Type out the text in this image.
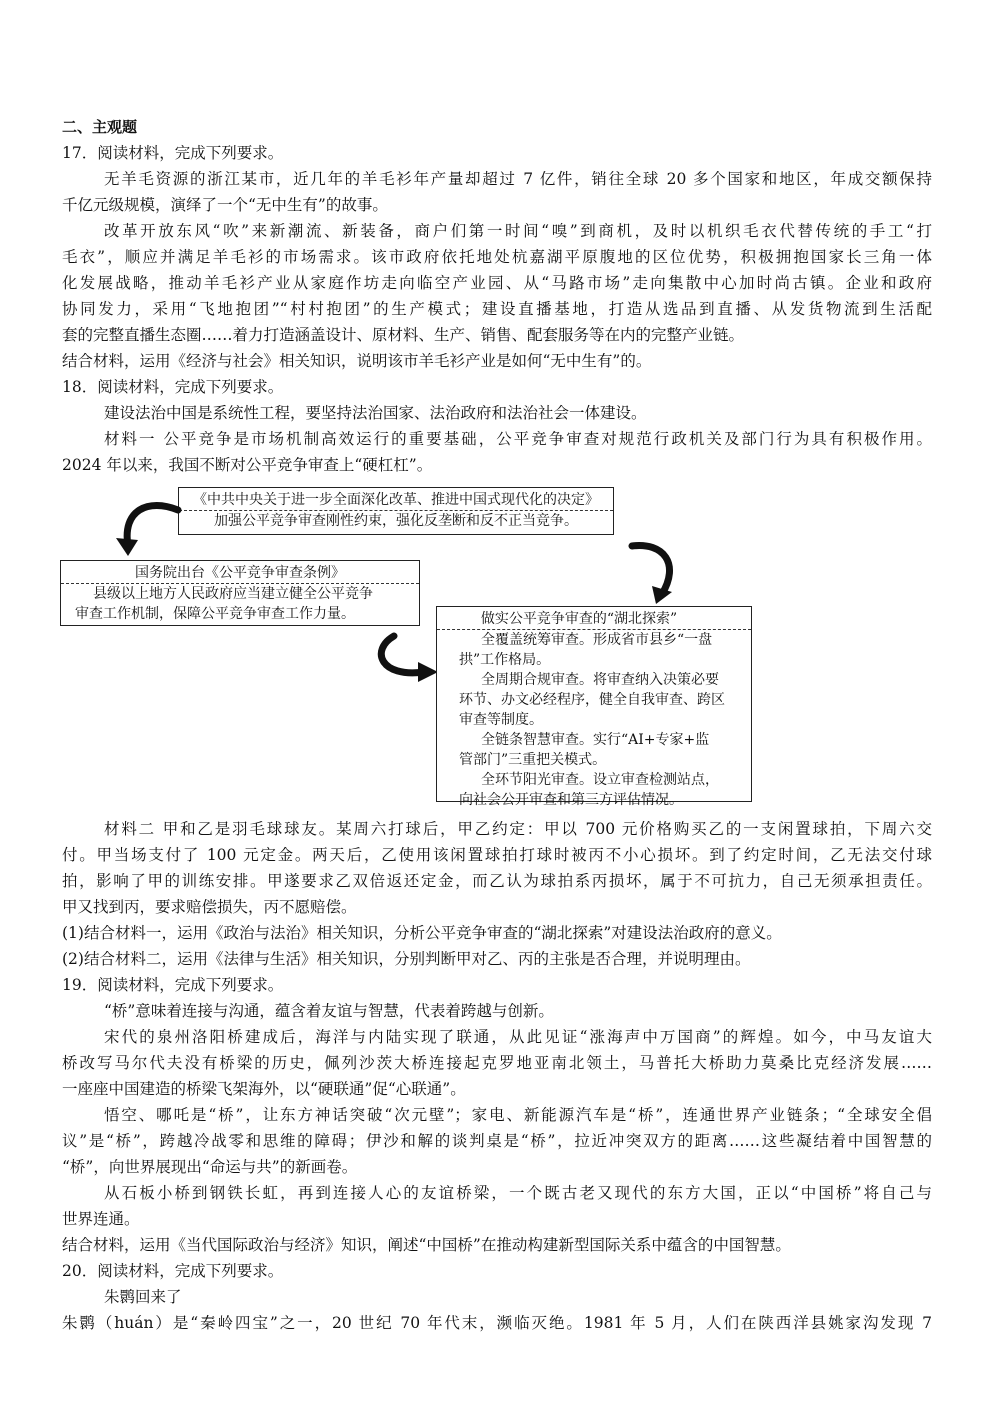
二、主观题
17．阅读材料，完成下列要求。
无羊毛资源的浙江某市，近几年的羊毛衫年产量却超过 7 亿件，销往全球 20 多个国家和地区，年成交额保持
千亿元级规模，演绎了一个“无中生有”的故事。
改革开放东风“吹”来新潮流、新装备，商户们第一时间“嗅”到商机，及时以机织毛衣代替传统的手工“打
毛衣”，顺应并满足羊毛衫的市场需求。该市政府依托地处杭嘉湖平原腹地的区位优势，积极拥抱国家长三角一体
化发展战略，推动羊毛衫产业从家庭作坊走向临空产业园、从“马路市场”走向集散中心加时尚古镇。企业和政府
协同发力，采用“飞地抱团”“村村抱团”的生产模式；建设直播基地，打造从选品到直播、从发货物流到生活配
套的完整直播生态圈……着力打造涵盖设计、原材料、生产、销售、配套服务等在内的完整产业链。
结合材料，运用《经济与社会》相关知识，说明该市羊毛衫产业是如何“无中生有”的。
18．阅读材料，完成下列要求。
建设法治中国是系统性工程，要坚持法治国家、法治政府和法治社会一体建设。
材料一 公平竞争是市场机制高效运行的重要基础，公平竞争审查对规范行政机关及部门行为具有积极作用。
2024 年以来，我国不断对公平竞争审查上“硬杠杠”。
《中共中央关于进一步全面深化改革、推进中国式现代化的决定》
加强公平竞争审查刚性约束，强化反垄断和反不正当竞争。
国务院出台《公平竞争审查条例》
县级以上地方人民政府应当建立健全公平竞争
审查工作机制，保障公平竞争审查工作力量。	做实公平竞争审查的“湖北探索”
全覆盖统筹审查。形成省市县乡“一盘
拱”工作格局。
全周期合规审查。将审查纳入决策必要
环节、办文必经程序，健全自我审查、跨区
审查等制度。
全链条智慧审查。实行“AI+专家+监
管部门”三重把关模式。
全环节阳光审查。设立审查检测站点，
向社会公开审查和第三方评估情况。
材料二 甲和乙是羽毛球球友。某周六打球后，甲乙约定：甲以 700 元价格购买乙的一支闲置球拍，下周六交
付。甲当场支付了 100 元定金。两天后，乙使用该闲置球拍打球时被丙不小心损坏。到了约定时间，乙无法交付球
拍，影响了甲的训练安排。甲遂要求乙双倍返还定金，而乙认为球拍系丙损坏，属于不可抗力，自己无须承担责任。
甲又找到丙，要求赔偿损失，丙不愿赔偿。
(1)结合材料一，运用《政治与法治》相关知识，分析公平竞争审查的“湖北探索”对建设法治政府的意义。
(2)结合材料二，运用《法律与生活》相关知识，分别判断甲对乙、丙的主张是否合理，并说明理由。
19．阅读材料，完成下列要求。
“桥”意味着连接与沟通，蕴含着友谊与智慧，代表着跨越与创新。
宋代的泉州洛阳桥建成后，海洋与内陆实现了联通，从此见证“涨海声中万国商”的辉煌。如今，中马友谊大
桥改写马尔代夫没有桥梁的历史，佩列沙茨大桥连接起克罗地亚南北领土，马普托大桥助力莫桑比克经济发展……
一座座中国建造的桥梁飞架海外，以“硬联通”促“心联通”。
悟空、哪吒是“桥”，让东方神话突破“次元壁”；家电、新能源汽车是“桥”，连通世界产业链条；“全球安全倡
议”是“桥”，跨越冷战零和思维的障碍；伊沙和解的谈判桌是“桥”，拉近冲突双方的距离……这些凝结着中国智慧的
“桥”，向世界展现出“命运与共”的新画卷。
从石板小桥到钢铁长虹，再到连接人心的友谊桥梁，一个既古老又现代的东方大国，正以“中国桥”将自己与
世界连通。
结合材料，运用《当代国际政治与经济》知识，阐述“中国桥”在推动构建新型国际关系中蕴含的中国智慧。
20．阅读材料，完成下列要求。
朱鹮回来了
朱鹮（huán）是“秦岭四宝”之一，20 世纪 70 年代末，濒临灭绝。1981 年 5 月，人们在陕西洋县姚家沟发现 7
